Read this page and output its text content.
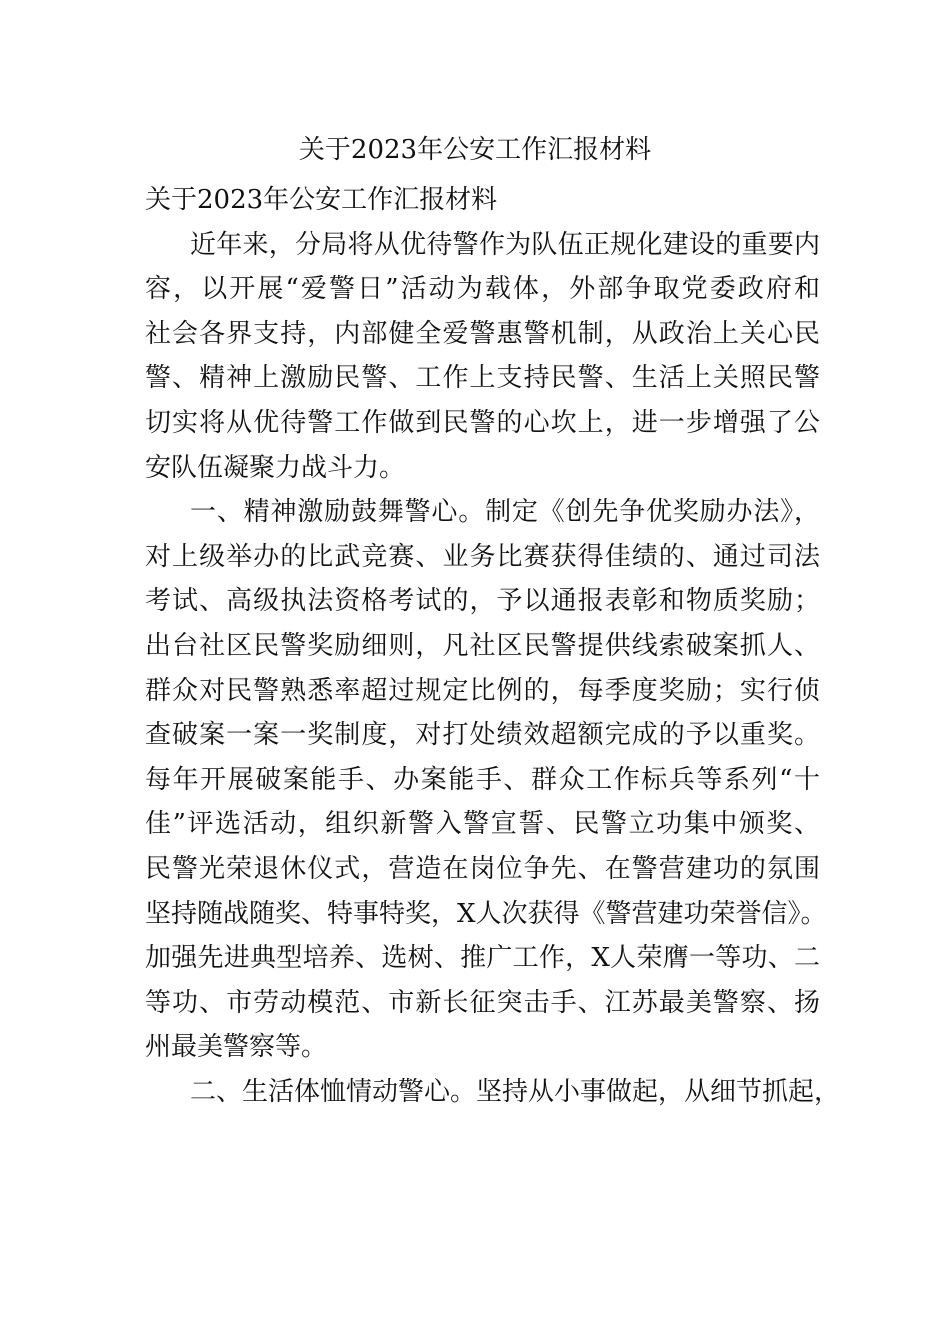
关于2023年公安工作汇报材料

关于2023年公安工作汇报材料

近年来，分局将从优待警作为队伍正规化建设的重要内
容，以开展“爱警日”活动为载体，外部争取党委政府和
社会各界支持，内部健全爱警惠警机制，从政治上关心民
警、精神上激励民警、工作上支持民警、生活上关照民警
切实将从优待警工作做到民警的心坎上，进一步增强了公
安队伍凝聚力战斗力。
一、精神激励鼓舞警心。制定《创先争优奖励办法》，
对上级举办的比武竞赛、业务比赛获得佳绩的、通过司法
考试、高级执法资格考试的，予以通报表彰和物质奖励；
出台社区民警奖励细则，凡社区民警提供线索破案抓人、
群众对民警熟悉率超过规定比例的，每季度奖励；实行侦
查破案一案一奖制度，对打处绩效超额完成的予以重奖。
每年开展破案能手、办案能手、群众工作标兵等系列“十
佳”评选活动，组织新警入警宣誓、民警立功集中颁奖、
民警光荣退休仪式，营造在岗位争先、在警营建功的氛围
坚持随战随奖、特事特奖，X人次获得《警营建功荣誉信》。
加强先进典型培养、选树、推广工作，X人荣膺一等功、二
等功、市劳动模范、市新长征突击手、江苏最美警察、扬
州最美警察等。
二、生活体恤情动警心。坚持从小事做起，从细节抓起，
